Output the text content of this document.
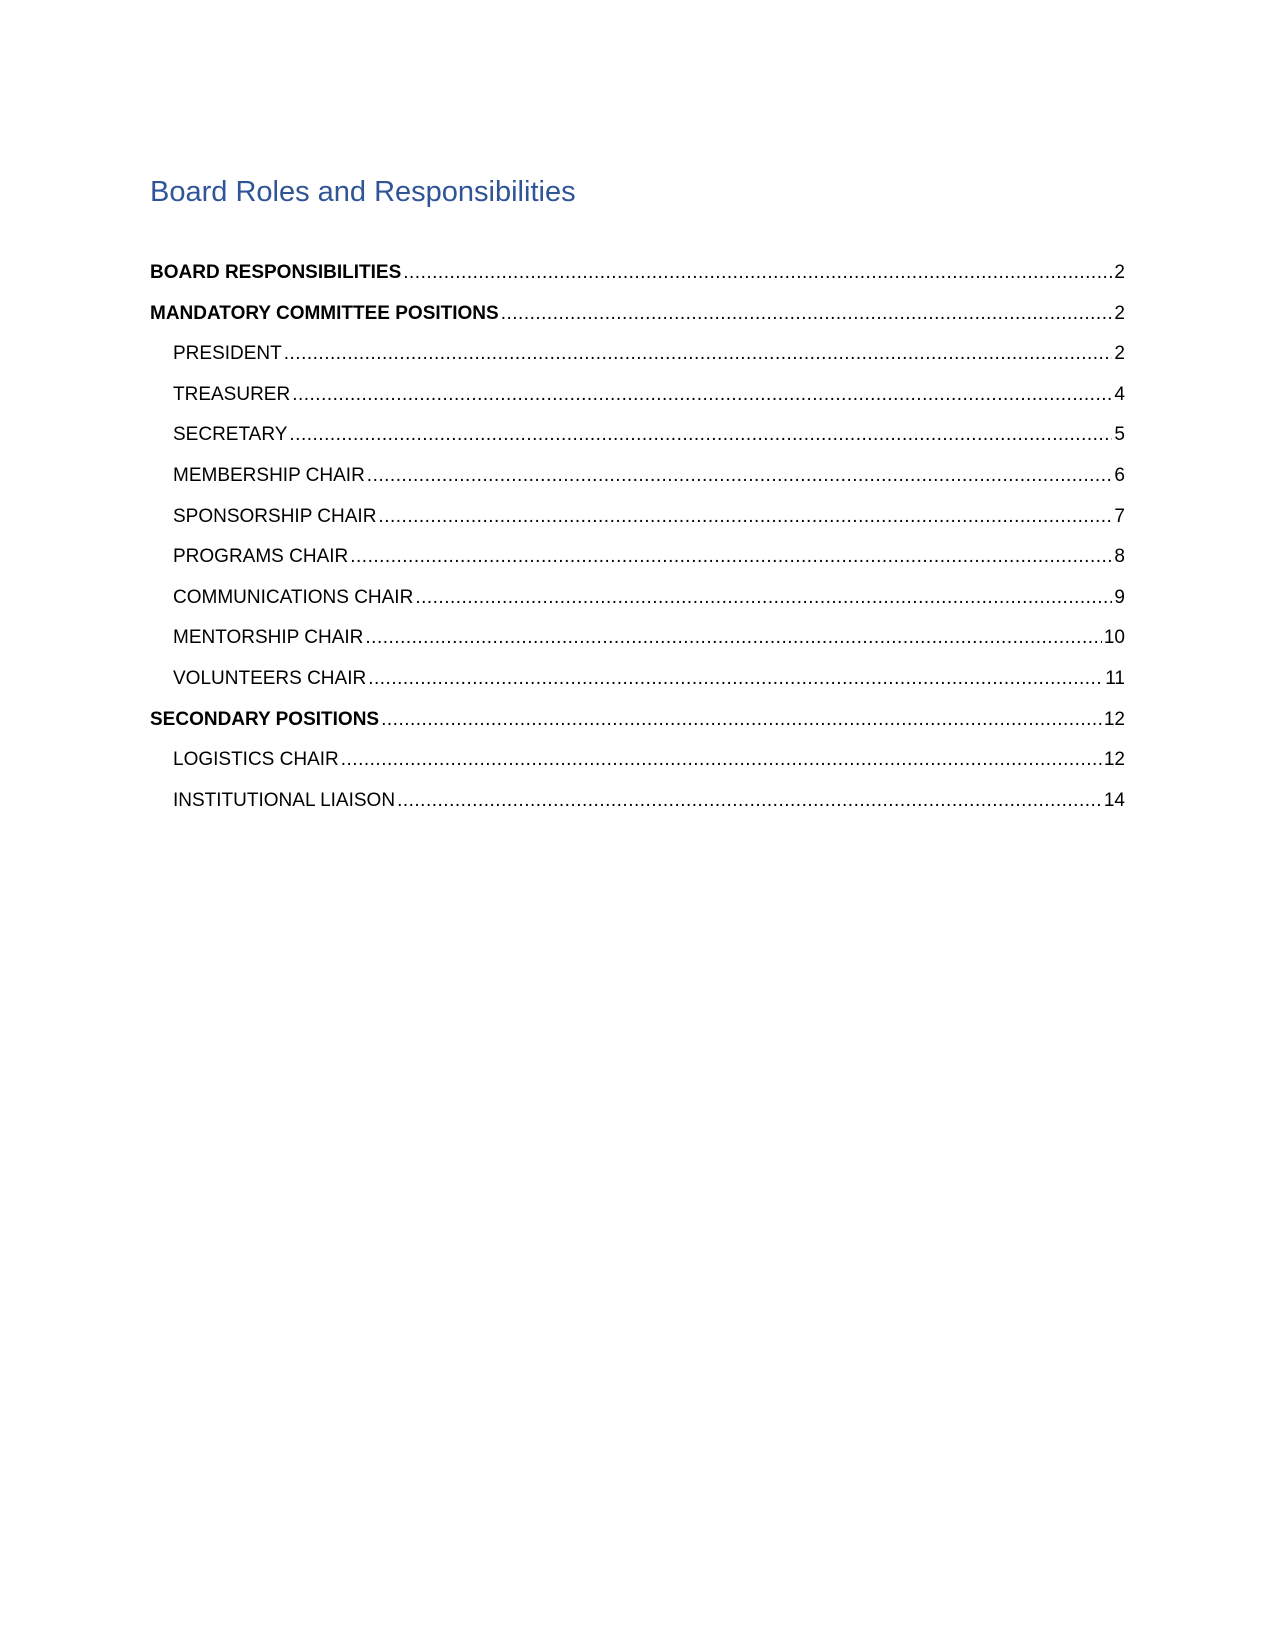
Board Roles and Responsibilities
BOARD RESPONSIBILITIES .....	2
MANDATORY COMMITTEE POSITIONS .....	2
PRESIDENT .....	2
TREASURER .....	4
SECRETARY .....	5
MEMBERSHIP CHAIR .....	6
SPONSORSHIP CHAIR .....	7
PROGRAMS CHAIR .....	8
COMMUNICATIONS CHAIR .....	9
MENTORSHIP CHAIR .....	10
VOLUNTEERS CHAIR .....	11
SECONDARY POSITIONS .....	12
LOGISTICS CHAIR .....	12
INSTITUTIONAL LIAISON .....	14
